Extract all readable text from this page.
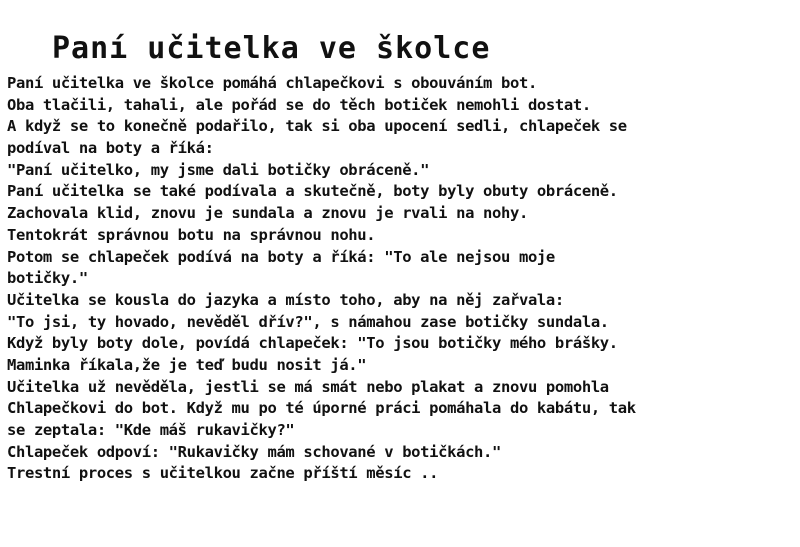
Paní učitelka ve školce
Paní učitelka ve školce pomáhá chlapečkovi s obouváním bot.
Oba tlačili, tahali, ale pořád se do těch botiček nemohli dostat.
A když se to konečně podařilo, tak si oba upocení sedli, chlapeček se
podíval na boty a říká:
"Paní učitelko, my jsme dali botičky obráceně."
Paní učitelka se také podívala a skutečně, boty byly obuty obráceně.
Zachovala klid, znovu je sundala a znovu je rvali na nohy.
Tentokrát správnou botu na správnou nohu.
Potom se chlapeček podívá na boty a říká: "To ale nejsou moje
botičky."
Učitelka se kousla do jazyka a místo toho, aby na něj zařvala:
"To jsi, ty hovado, nevěděl dřív?", s námahou zase botičky sundala.
Když byly boty dole, povídá chlapeček: "To jsou botičky mého brášky.
Maminka říkala,že je teď budu nosit já."
Učitelka už nevěděla, jestli se má smát nebo plakat a znovu pomohla
Chlapečkovi do bot. Když mu po té úporné práci pomáhala do kabátu, tak
se zeptala: "Kde máš rukavičky?"
Chlapeček odpoví: "Rukavičky mám schované v botičkách."
Trestní proces s učitelkou začne příští měsíc ..
